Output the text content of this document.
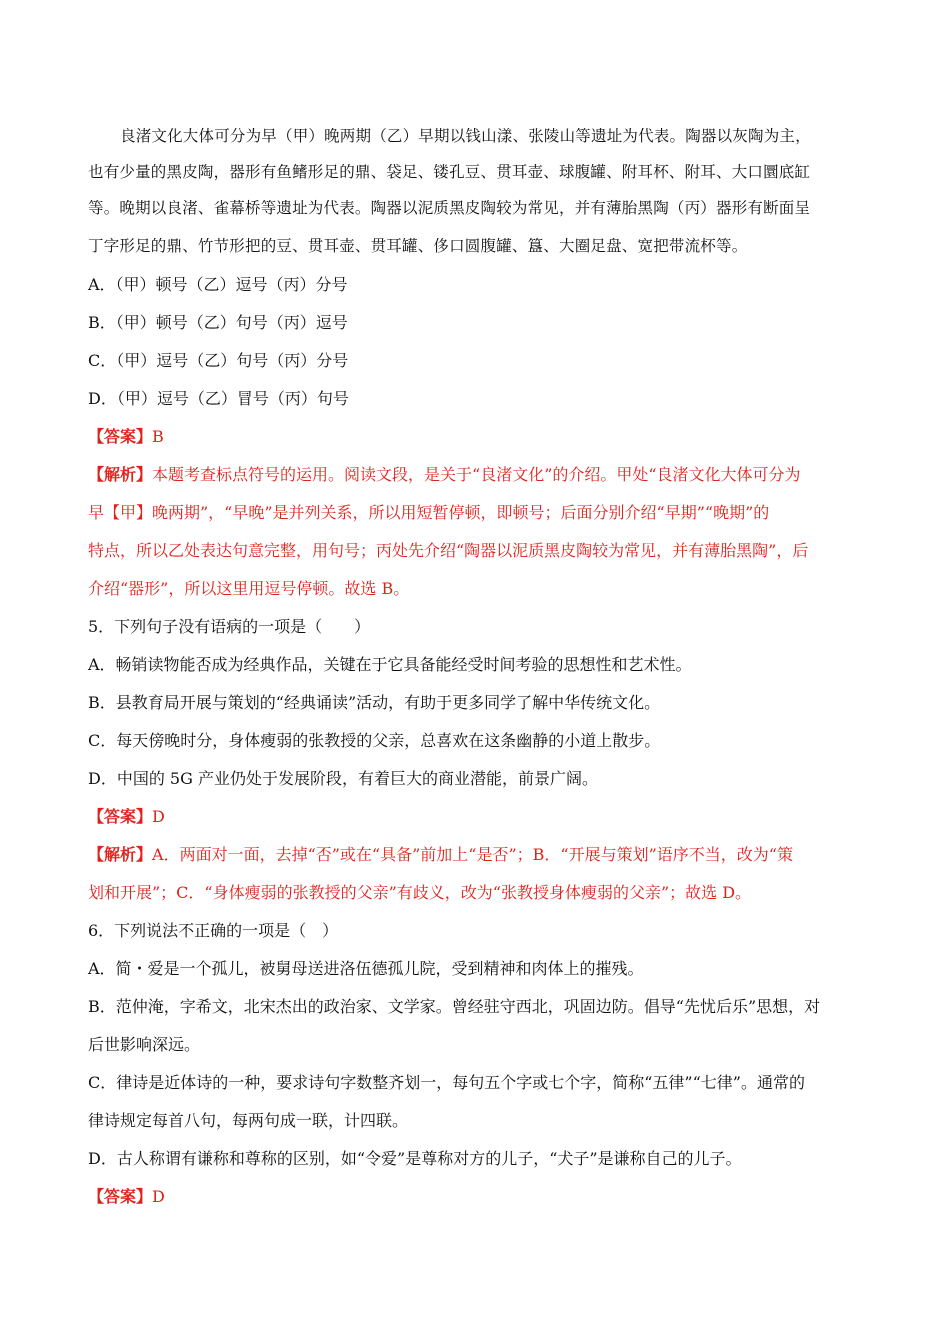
良渚文化大体可分为早（甲）晚两期（乙）早期以钱山漾、张陵山等遗址为代表。陶器以灰陶为主，
也有少量的黑皮陶，器形有鱼鳍形足的鼎、袋足、镂孔豆、贯耳壶、球腹罐、附耳杯、附耳、大口圜底缸
等。晚期以良渚、雀幕桥等遗址为代表。陶器以泥质黑皮陶较为常见，并有薄胎黑陶（丙）器形有断面呈
丁字形足的鼎、竹节形把的豆、贯耳壶、贯耳罐、侈口圆腹罐、簋、大圈足盘、宽把带流杯等。
A．（甲）顿号（乙）逗号（丙）分号
B．（甲）顿号（乙）句号（丙）逗号
C．（甲）逗号（乙）句号（丙）分号
D．（甲）逗号（乙）冒号（丙）句号
【答案】B
【解析】本题考查标点符号的运用。阅读文段，是关于“良渚文化”的介绍。甲处“良渚文化大体可分为
早【甲】晚两期”，“早晚”是并列关系，所以用短暂停顿，即顿号；后面分别介绍“早期”“晚期”的
特点，所以乙处表达句意完整，用句号；丙处先介绍“陶器以泥质黑皮陶较为常见，并有薄胎黑陶”，后
介绍“器形”，所以这里用逗号停顿。故选 B。
5．下列句子没有语病的一项是（　　）
A．畅销读物能否成为经典作品，关键在于它具备能经受时间考验的思想性和艺术性。
B．县教育局开展与策划的“经典诵读”活动，有助于更多同学了解中华传统文化。
C．每天傍晚时分，身体瘦弱的张教授的父亲，总喜欢在这条幽静的小道上散步。
D．中国的 5G 产业仍处于发展阶段，有着巨大的商业潜能，前景广阔。
【答案】D
【解析】A．两面对一面，去掉“否”或在“具备”前加上“是否”；B．“开展与策划”语序不当，改为“策
划和开展”；C．“身体瘦弱的张教授的父亲”有歧义，改为“张教授身体瘦弱的父亲”；故选 D。
6．下列说法不正确的一项是（　）
A．简・爱是一个孤儿，被舅母送进洛伍德孤儿院，受到精神和肉体上的摧残。
B．范仲淹，字希文，北宋杰出的政治家、文学家。曾经驻守西北，巩固边防。倡导“先忧后乐”思想，对
后世影响深远。
C．律诗是近体诗的一种，要求诗句字数整齐划一，每句五个字或七个字，简称“五律”“七律”。通常的
律诗规定每首八句，每两句成一联，计四联。
D．古人称谓有谦称和尊称的区别，如“令爱”是尊称对方的儿子，“犬子”是谦称自己的儿子。
【答案】D
